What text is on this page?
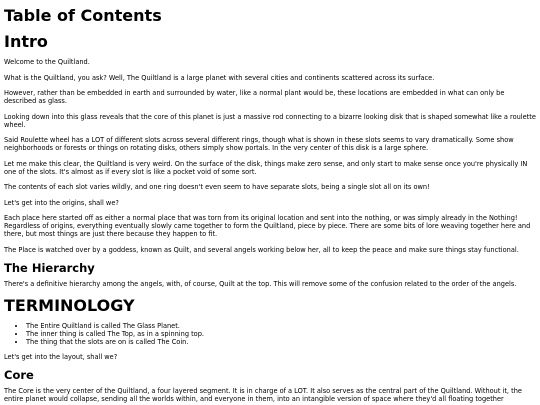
Table of Contents
Intro

Welcome to the Quiltland.

What is the Quiltland, you ask? Well, The Quiltland is a large planet with several cities and continents scattered across its surface.

However, rather than be embedded in earth and surrounded by water, like a normal plant would be, these locations are embedded in what can only be described as glass.

Looking down into this glass reveals that the core of this planet is just a massive rod connecting to a bizarre looking disk that is shaped somewhat like a roulette wheel.

Said Roulette wheel has a LOT of different slots across several different rings, though what is shown in these slots seems to vary dramatically. Some show neighborhoods or forests or things on rotating disks, others simply show portals. In the very center of this disk is a large sphere.

Let me make this clear, the Quiltland is very weird. On the surface of the disk, things make zero sense, and only start to make sense once you're physically IN one of the slots. It's almost as if every slot is like a pocket void of some sort.

The contents of each slot varies wildly, and one ring doesn't even seem to have separate slots, being a single slot all on its own!

Let's get into the origins, shall we?

Each place here started off as either a normal place that was torn from its original location and sent into the nothing, or was simply already in the Nothing! Regardless of origins, everything eventually slowly came together to form the Quiltland, piece by piece. There are some bits of lore weaving together here and there, but most things are just there because they happen to fit.

The Place is watched over by a goddess, known as Quilt, and several angels working below her, all to keep the peace and make sure things stay functional.

The Hierarchy

There's a definitive hierarchy among the angels, with, of course, Quilt at the top. This will remove some of the confusion related to the order of the angels.

TERMINOLOGY
• The Entire Quiltland is called The Glass Planet.
• The inner thing is called The Top, as in a spinning top.
• The thing that the slots are on is called The Coin.

Let's get into the layout, shall we?

Core

The Core is the very center of the Quiltland, a four layered segment. It is in charge of a LOT. It also serves as the central part of the Quiltland. Without it, the entire planet would collapse, sending all the worlds within, and everyone in them, into an intangible version of space where they'd all floating together
